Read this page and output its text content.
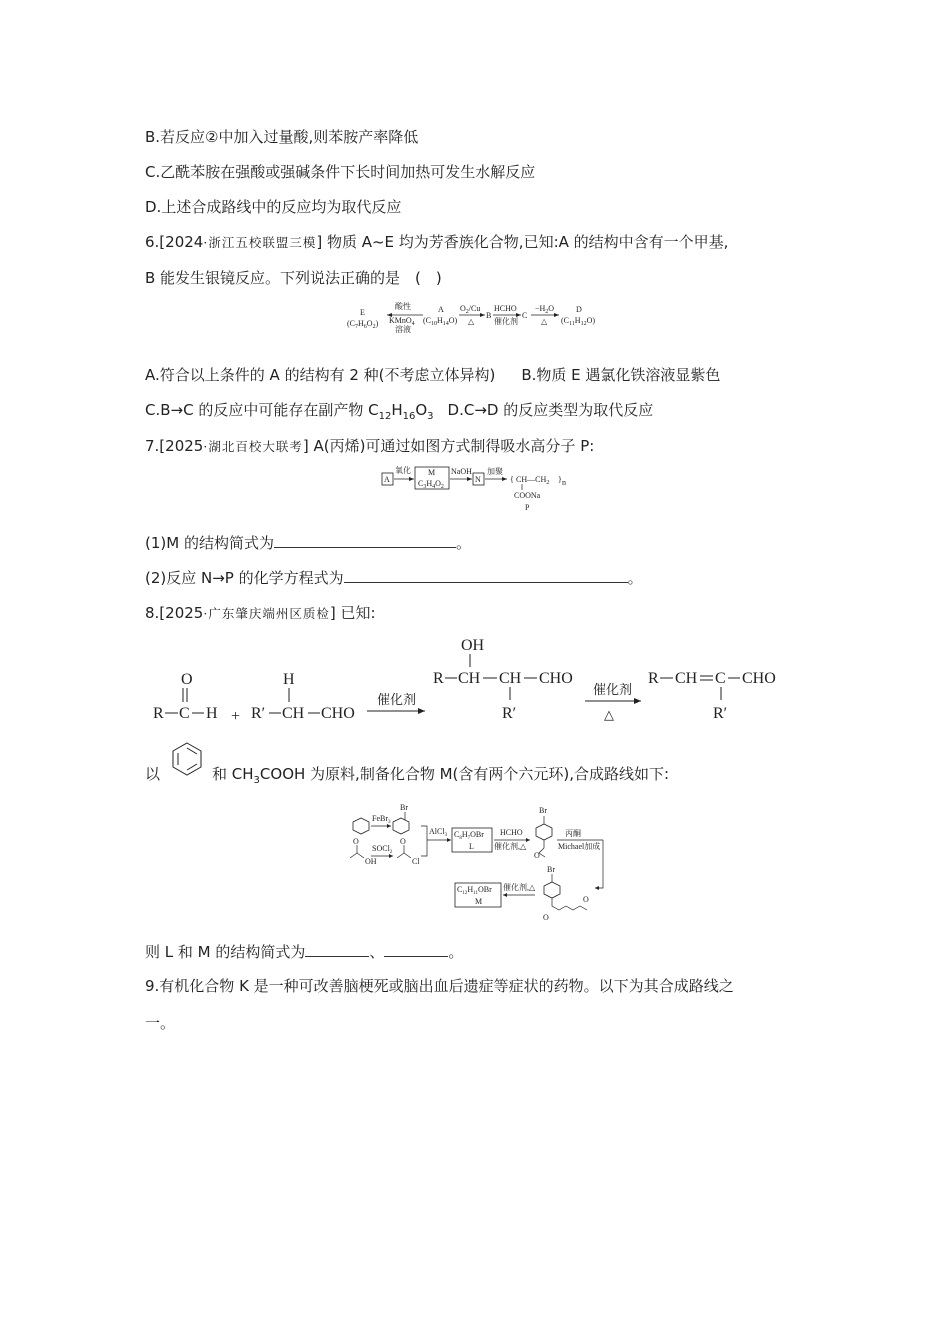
B.若反应②中加入过量酸,则苯胺产率降低
C.乙酰苯胺在强酸或强碱条件下长时间加热可发生水解反应
D.上述合成路线中的反应均为取代反应
6.[2024·浙江五校联盟三模] 物质 A~E 均为芳香族化合物,已知:A 的结构中含有一个甲基,
B 能发生银镜反应。下列说法正确的是　(　)
E
$(C_7H_6O_2)$
酸性
KMnO$_4$
溶液
A
$(C_{10}H_{14}O)$
$O_2/Cu$
△
B
HCHO
催化剂
C
$-H_2O$
△
D
$(C_{11}H_{12}O)$
A.符合以上条件的 A 的结构有 2 种(不考虑立体异构) B.物质 E 遇氯化铁溶液显紫色
C.B→C 的反应中可能存在副产物 $C_{12}H_{16}O_3$ D.C→D 的反应类型为取代反应
7.[2025·湖北百校大联考] A(丙烯)可通过如图方式制得吸水高分子 P:
A
氧化 M
$C_3H_4O_2$
NaOH
N
加聚
{ $CH—CH_2$ } n
COONa
P
(1)M 的结构简式为	。
(2)反应 N→P 的化学方程式为	。
8.[2025·广东肇庆端州区质检] 已知:
O
R C H +
H
R′ CH CHO
催化剂
OH
R CH CH CHO
R′
催化剂
△
R CH C CHO
R′
以	和 $CH_3COOH$ 为原料,制备化合物 M(含有两个六元环),合成路线如下:
FeBr$_3$
Br
O
OH
SOCl$_2$
O
Cl
AlCl$_3$ $C_8H_7OBr$
L
HCHO
催化剂,△
Br
O
丙酮
Michael加成
Br
O
O
催化剂,△
$C_{12}H_{11}OBr$
M
则 L 和 M 的结构简式为	、	。
9.有机化合物 K 是一种可改善脑梗死或脑出血后遗症等症状的药物。以下为其合成路线之
一。
